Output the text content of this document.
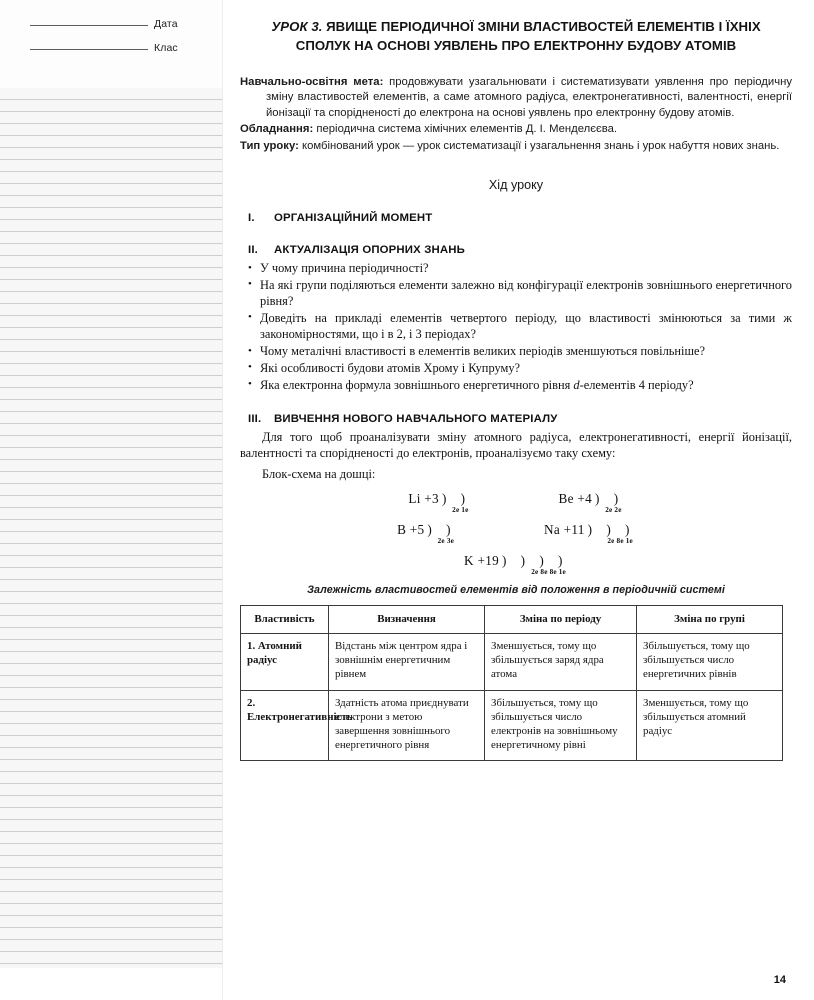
Дата
Клас
УРОК 3. ЯВИЩЕ ПЕРІОДИЧНОЇ ЗМІНИ ВЛАСТИВОСТЕЙ ЕЛЕМЕНТІВ І ЇХНІХ СПОЛУК НА ОСНОВІ УЯВЛЕНЬ ПРО ЕЛЕКТРОННУ БУДОВУ АТОМІВ

Навчально-освітня мета: продовжувати узагальнювати і систематизувати уявлення про періодичну зміну властивостей елементів, а саме атомного радіуса, електронегативності, валентності, енергії йонізації та спорідненості до електрона на основі уявлень про електронну будову атомів.

Обладнання: періодична система хімічних елементів Д. І. Менделєєва.

Тип уроку: комбінований урок — урок систематизації і узагальнення знань і урок набуття нових знань.

Хід уроку
I.	ОРГАНІЗАЦІЙНИЙ МОМЕНТ
II.	АКТУАЛІЗАЦІЯ ОПОРНИХ ЗНАНЬ
• У чому причина періодичності?
• На які групи поділяються елементи залежно від конфігурації електронів зовнішнього енергетичного рівня?
• Доведіть на прикладі елементів четвертого періоду, що властивості змінюються за тими ж закономірностями, що і в 2, і 3 періодах?
• Чому металічні властивості в елементів великих періодів зменшуються повільніше?
• Які особливості будови атомів Хрому і Купруму?
• Яка електронна формула зовнішнього енергетичного рівня d-елементів 4 періоду?
III.	ВИВЧЕННЯ НОВОГО НАВЧАЛЬНОГО МАТЕРІАЛУ

Для того щоб проаналізувати зміну атомного радіуса, електронегативності, енергії йонізації, валентності та спорідненості до електронів, проаналізуємо таку схему:

Блок-схема на дошці:

Li +3 ) )
2e 1e
Be +4 ) )
2e 2e
B +5 ) )
2e 3e
Na +11 ) ) )
2e 8e 1e
K +19 ) ) ) )
2e 8e 8e 1e
Залежність властивостей елементів від положення в періодичній системі
Властивість	Визначення	Зміна по періоду	Зміна по групі
1. Атомний радіус	Відстань між центром ядра і зовнішнім енергетичним рівнем	Зменшується, тому що збільшується заряд ядра атома	Збільшується, тому що збільшується число енергетичних рівнів
2. Електронегативність	Здатність атома приєднувати електрони з метою завершення зовнішнього енергетичного рівня	Збільшується, тому що збільшується число електронів на зовнішньому енергетичному рівні	Зменшується, тому що збільшується атомний радіус
14
